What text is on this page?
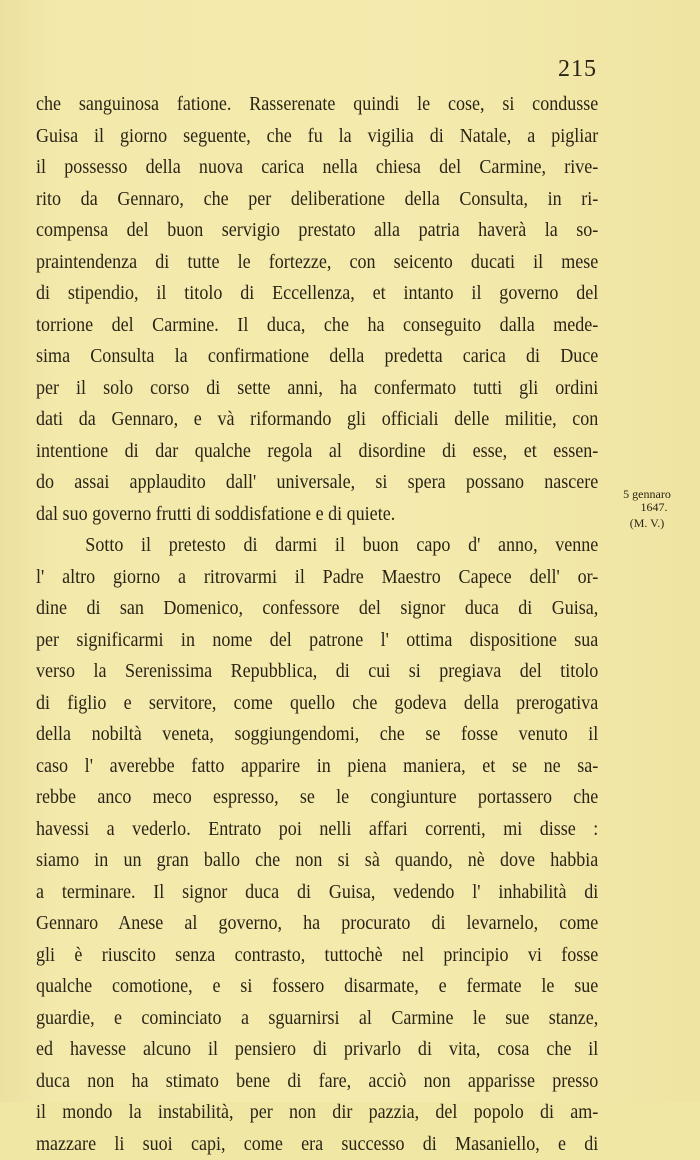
215
5 gennaro
1647.
(M. V.)
che sanguinosa fatione. Rasserenate quindi le cose, si condusse
Guisa il giorno seguente, che fu la vigilia di Natale, a pigliar
il possesso della nuova carica nella chiesa del Carmine, rive-
rito da Gennaro, che per deliberatione della Consulta, in ri-
compensa del buon servigio prestato alla patria haverà la so-
praintendenza di tutte le fortezze, con seicento ducati il mese
di stipendio, il titolo di Eccellenza, et intanto il governo del
torrione del Carmine. Il duca, che ha conseguito dalla mede-
sima Consulta la confirmatione della predetta carica di Duce
per il solo corso di sette anni, ha confermato tutti gli ordini
dati da Gennaro, e và riformando gli officiali delle militie, con
intentione di dar qualche regola al disordine di esse, et essen-
do assai applaudito dall' universale, si spera possano nascere
dal suo governo frutti di soddisfatione e di quiete.
Sotto il pretesto di darmi il buon capo d' anno, venne
l' altro giorno a ritrovarmi il Padre Maestro Capece dell' or-
dine di san Domenico, confessore del signor duca di Guisa,
per significarmi in nome del patrone l' ottima dispositione sua
verso la Serenissima Repubblica, di cui si pregiava del titolo
di figlio e servitore, come quello che godeva della prerogativa
della nobiltà veneta, soggiungendomi, che se fosse venuto il
caso l' averebbe fatto apparire in piena maniera, et se ne sa-
rebbe anco meco espresso, se le congiunture portassero che
havessi a vederlo. Entrato poi nelli affari correnti, mi disse :
siamo in un gran ballo che non si sà quando, nè dove habbia
a terminare. Il signor duca di Guisa, vedendo l' inhabilità di
Gennaro Anese al governo, ha procurato di levarnelo, come
gli è riuscito senza contrasto, tuttochè nel principio vi fosse
qualche comotione, e si fossero disarmate, e fermate le sue
guardie, e cominciato a sguarnirsi al Carmine le sue stanze,
ed havesse alcuno il pensiero di privarlo di vita, cosa che il
duca non ha stimato bene di fare, acciò non apparisse presso
il mondo la instabilità, per non dir pazzia, del popolo di am-
mazzare li suoi capi, come era successo di Masaniello, e di
